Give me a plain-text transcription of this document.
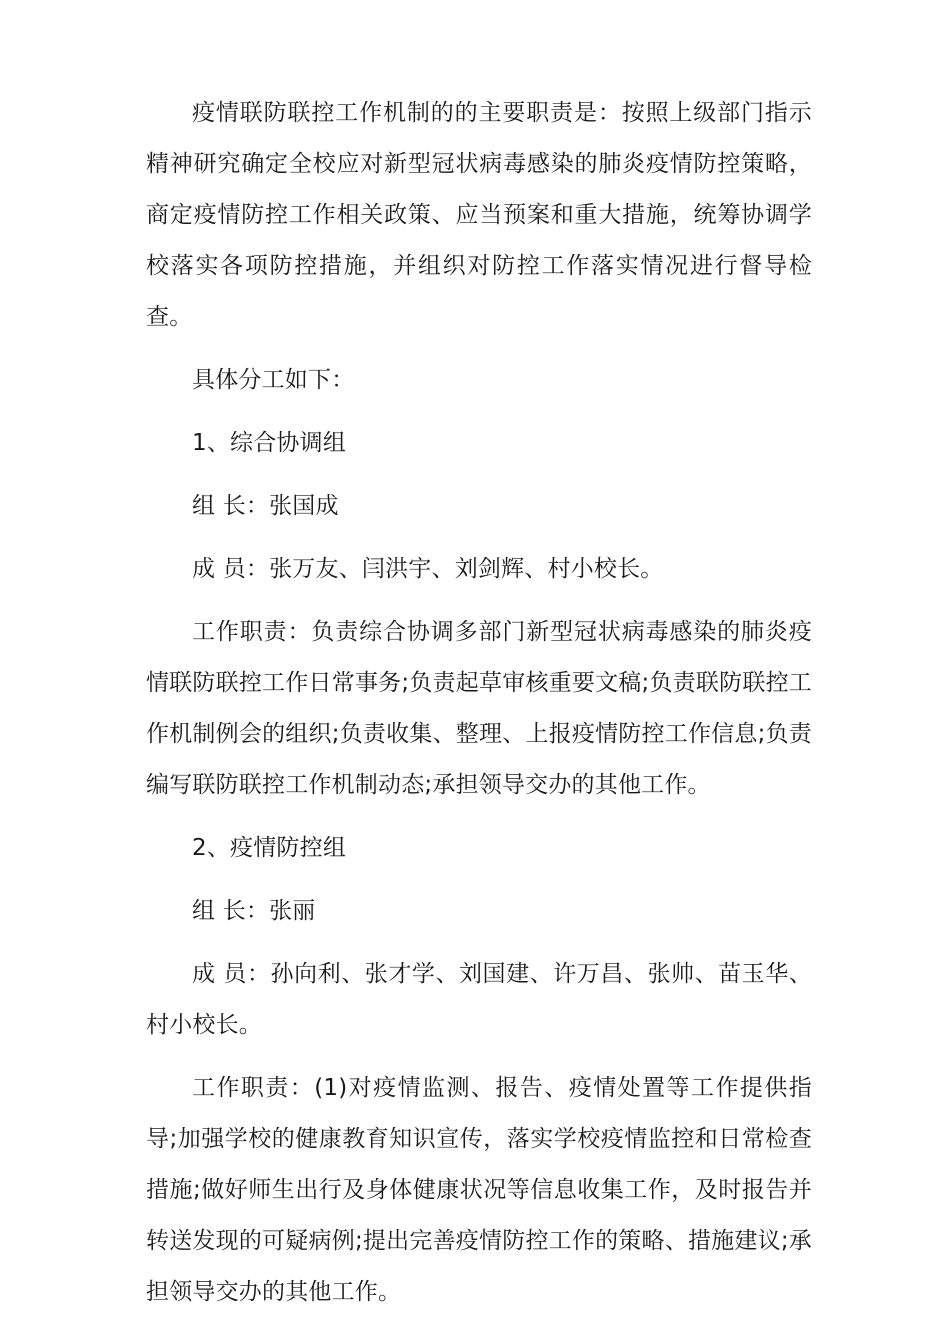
疫情联防联控工作机制的的主要职责是：按照上级部门指示精神研究确定全校应对新型冠状病毒感染的肺炎疫情防控策略，商定疫情防控工作相关政策、应当预案和重大措施，统筹协调学校落实各项防控措施，并组织对防控工作落实情况进行督导检查。

具体分工如下：

1、综合协调组

组 长：张国成

成 员：张万友、闫洪宇、刘剑辉、村小校长。

工作职责：负责综合协调多部门新型冠状病毒感染的肺炎疫情联防联控工作日常事务;负责起草审核重要文稿;负责联防联控工作机制例会的组织;负责收集、整理、上报疫情防控工作信息;负责编写联防联控工作机制动态;承担领导交办的其他工作。

2、疫情防控组

组 长：张丽

成 员：孙向利、张才学、刘国建、许万昌、张帅、苗玉华、村小校长。

工作职责：(1)对疫情监测、报告、疫情处置等工作提供指导;加强学校的健康教育知识宣传，落实学校疫情监控和日常检查措施;做好师生出行及身体健康状况等信息收集工作，及时报告并转送发现的可疑病例;提出完善疫情防控工作的策略、措施建议;承担领导交办的其他工作。
